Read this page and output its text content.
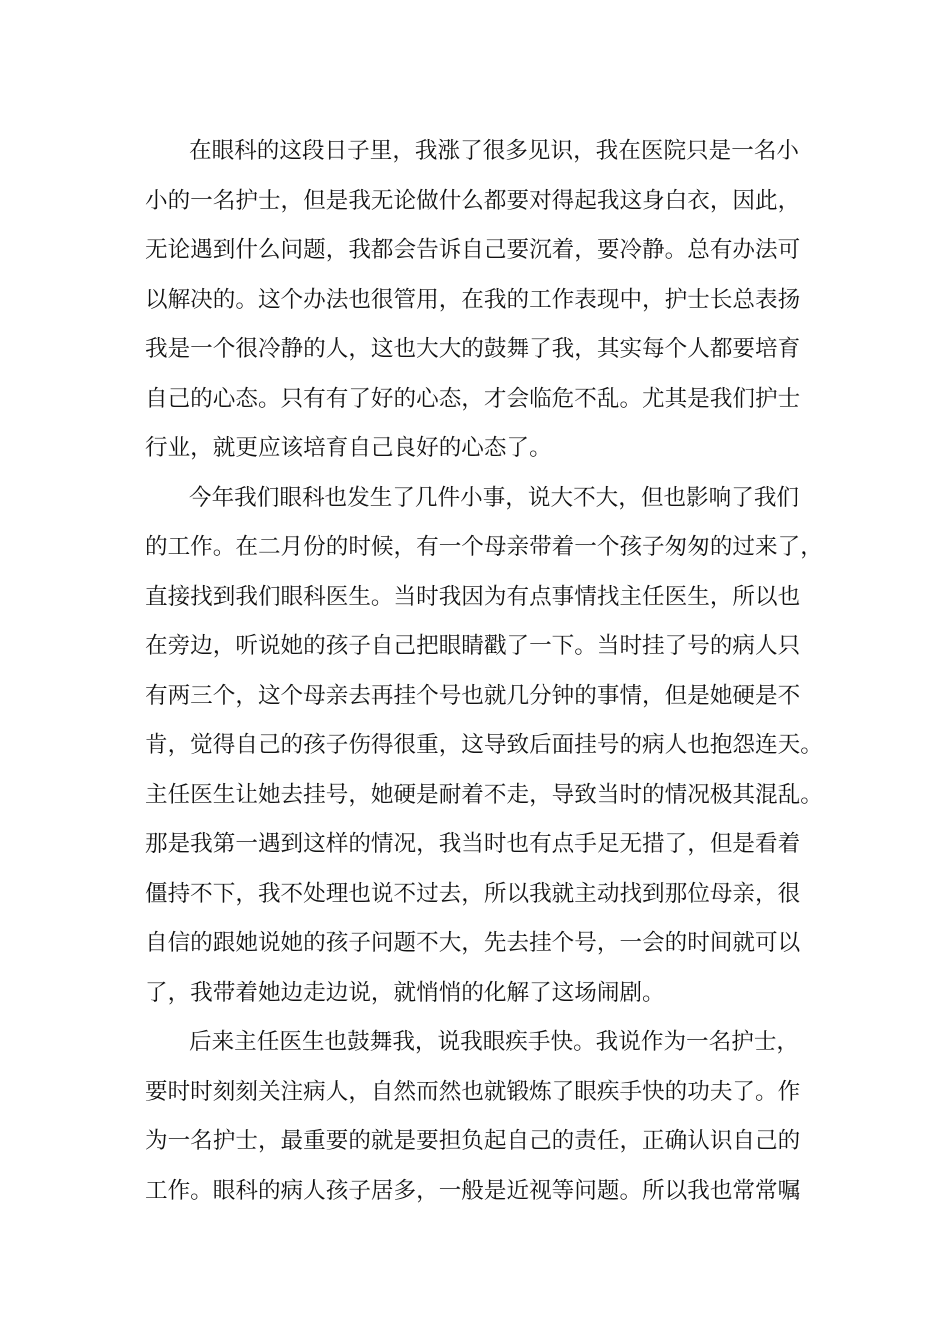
在眼科的这段日子里，我涨了很多见识，我在医院只是一名小
小的一名护士，但是我无论做什么都要对得起我这身白衣，因此，
无论遇到什么问题，我都会告诉自己要沉着，要冷静。总有办法可
以解决的。这个办法也很管用，在我的工作表现中，护士长总表扬
我是一个很冷静的人，这也大大的鼓舞了我，其实每个人都要培育
自己的心态。只有有了好的心态，才会临危不乱。尤其是我们护士
行业，就更应该培育自己良好的心态了。
今年我们眼科也发生了几件小事，说大不大，但也影响了我们
的工作。在二月份的时候，有一个母亲带着一个孩子匆匆的过来了，
直接找到我们眼科医生。当时我因为有点事情找主任医生，所以也
在旁边，听说她的孩子自己把眼睛戳了一下。当时挂了号的病人只
有两三个，这个母亲去再挂个号也就几分钟的事情，但是她硬是不
肯，觉得自己的孩子伤得很重，这导致后面挂号的病人也抱怨连天。
主任医生让她去挂号，她硬是耐着不走，导致当时的情况极其混乱。
那是我第一遇到这样的情况，我当时也有点手足无措了，但是看着
僵持不下，我不处理也说不过去，所以我就主动找到那位母亲，很
自信的跟她说她的孩子问题不大，先去挂个号，一会的时间就可以
了，我带着她边走边说，就悄悄的化解了这场闹剧。
后来主任医生也鼓舞我，说我眼疾手快。我说作为一名护士，
要时时刻刻关注病人，自然而然也就锻炼了眼疾手快的功夫了。作
为一名护士，最重要的就是要担负起自己的责任，正确认识自己的
工作。眼科的病人孩子居多，一般是近视等问题。所以我也常常嘱
